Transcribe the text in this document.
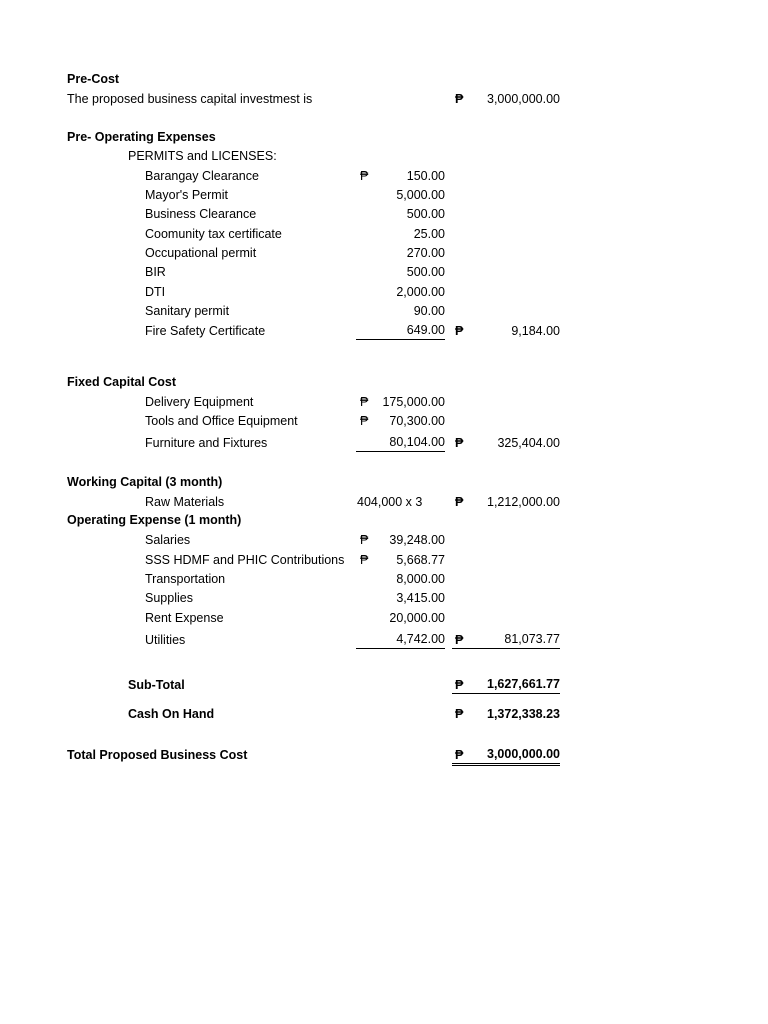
Pre-Cost
The proposed business capital investmest is	₱	3,000,000.00
Pre- Operating Expenses
PERMITS and LICENSES:
Barangay Clearance	₱	150.00
Mayor's Permit	5,000.00
Business Clearance	500.00
Coomunity tax certificate	25.00
Occupational permit	270.00
BIR	500.00
DTI	2,000.00
Sanitary permit	90.00
Fire Safety Certificate	649.00 ₱	9,184.00
Fixed Capital Cost
Delivery Equipment	₱	175,000.00
Tools and Office Equipment	₱	70,300.00
Furniture and Fixtures	80,104.00 ₱	325,404.00
Working Capital (3 month)
Raw Materials	404,000 x 3	₱	1,212,000.00
Operating Expense (1 month)
Salaries	₱	39,248.00
SSS HDMF and PHIC Contributions ₱	5,668.77
Transportation	8,000.00
Supplies	3,415.00
Rent Expense	20,000.00
Utilities	4,742.00 ₱	81,073.77
Sub-Total	₱	1,627,661.77
Cash On Hand	₱	1,372,338.23
Total Proposed Business Cost	₱	3,000,000.00
